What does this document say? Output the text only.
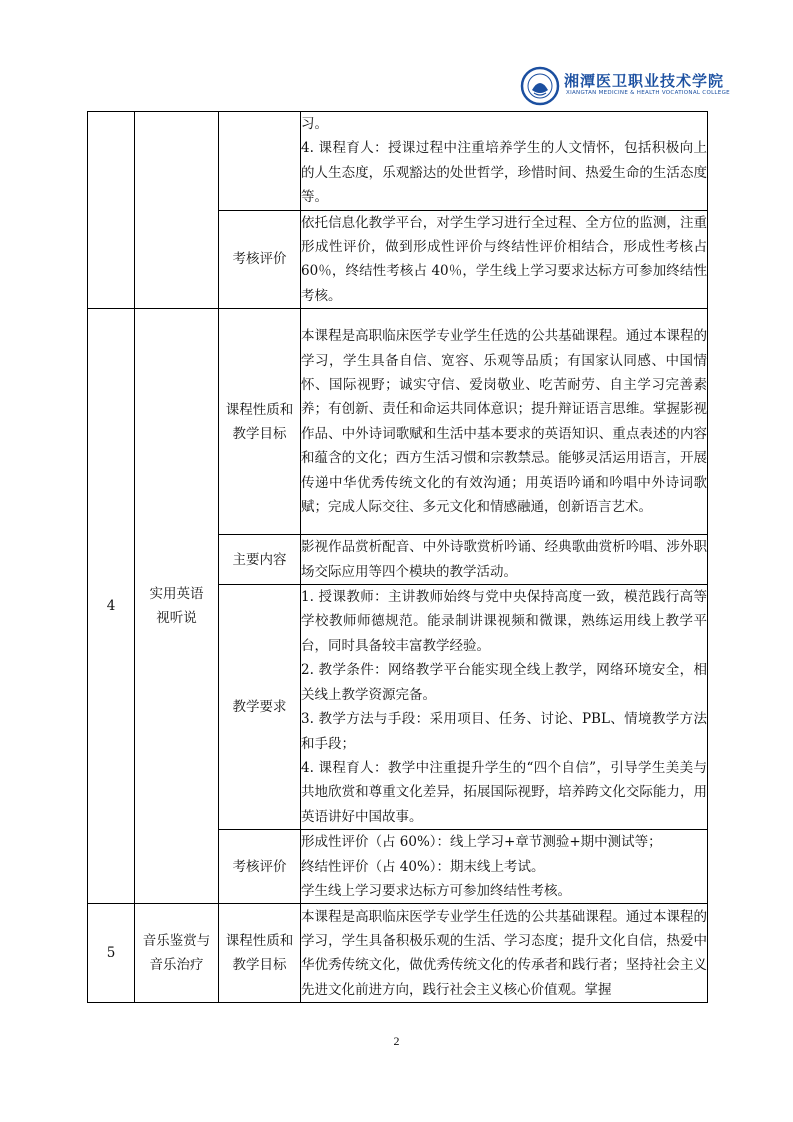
湘潭医卫职业技术学院
XIANGTAN MEDICINE & HEALTH VOCATIONAL COLLEGE

			习。

4. 课程育人：授课过程中注重培养学生的人文情怀，包括积极向上的人生态度，乐观豁达的处世哲学，珍惜时间、热爱生命的生活态度等。

		考核评价	依托信息化教学平台，对学生学习进行全过程、全方位的监测，注重形成性评价，做到形成性评价与终结性评价相结合，形成性考核占 60％，终结性考核占 40％，学生线上学习要求达标方可参加终结性考核。
4	实用英语视听说	课程性质和教学目标	本课程是高职临床医学专业学生任选的公共基础课程。通过本课程的学习，学生具备自信、宽容、乐观等品质；有国家认同感、中国情怀、国际视野；诚实守信、爱岗敬业、吃苦耐劳、自主学习完善素养；有创新、责任和命运共同体意识；提升辩证语言思维。掌握影视作品、中外诗词歌赋和生活中基本要求的英语知识、重点表述的内容和蕴含的文化；西方生活习惯和宗教禁忌。能够灵活运用语言，开展传递中华优秀传统文化的有效沟通；用英语吟诵和吟唱中外诗词歌赋；完成人际交往、多元文化和情感融通，创新语言艺术。
		主要内容	影视作品赏析配音、中外诗歌赏析吟诵、经典歌曲赏析吟唱、涉外职场交际应用等四个模块的教学活动。
		教学要求	1. 授课教师：主讲教师始终与党中央保持高度一致，模范践行高等学校教师师德规范。能录制讲课视频和微课，熟练运用线上教学平台，同时具备较丰富教学经验。

2. 教学条件：网络教学平台能实现全线上教学，网络环境安全，相关线上教学资源完备。

3. 教学方法与手段：采用项目、任务、讨论、PBL、情境教学方法和手段；

4. 课程育人：教学中注重提升学生的“四个自信”，引导学生美美与共地欣赏和尊重文化差异，拓展国际视野，培养跨文化交际能力，用英语讲好中国故事。

		考核评价	形成性评价（占 60%）：线上学习+章节测验+期中测试等；

终结性评价（占 40%）：期末线上考试。

学生线上学习要求达标方可参加终结性考核。

5	音乐鉴赏与音乐治疗	课程性质和教学目标	本课程是高职临床医学专业学生任选的公共基础课程。通过本课程的学习，学生具备积极乐观的生活、学习态度；提升文化自信，热爱中华优秀传统文化，做优秀传统文化的传承者和践行者；坚持社会主义先进文化前进方向，践行社会主义核心价值观。掌握
2
